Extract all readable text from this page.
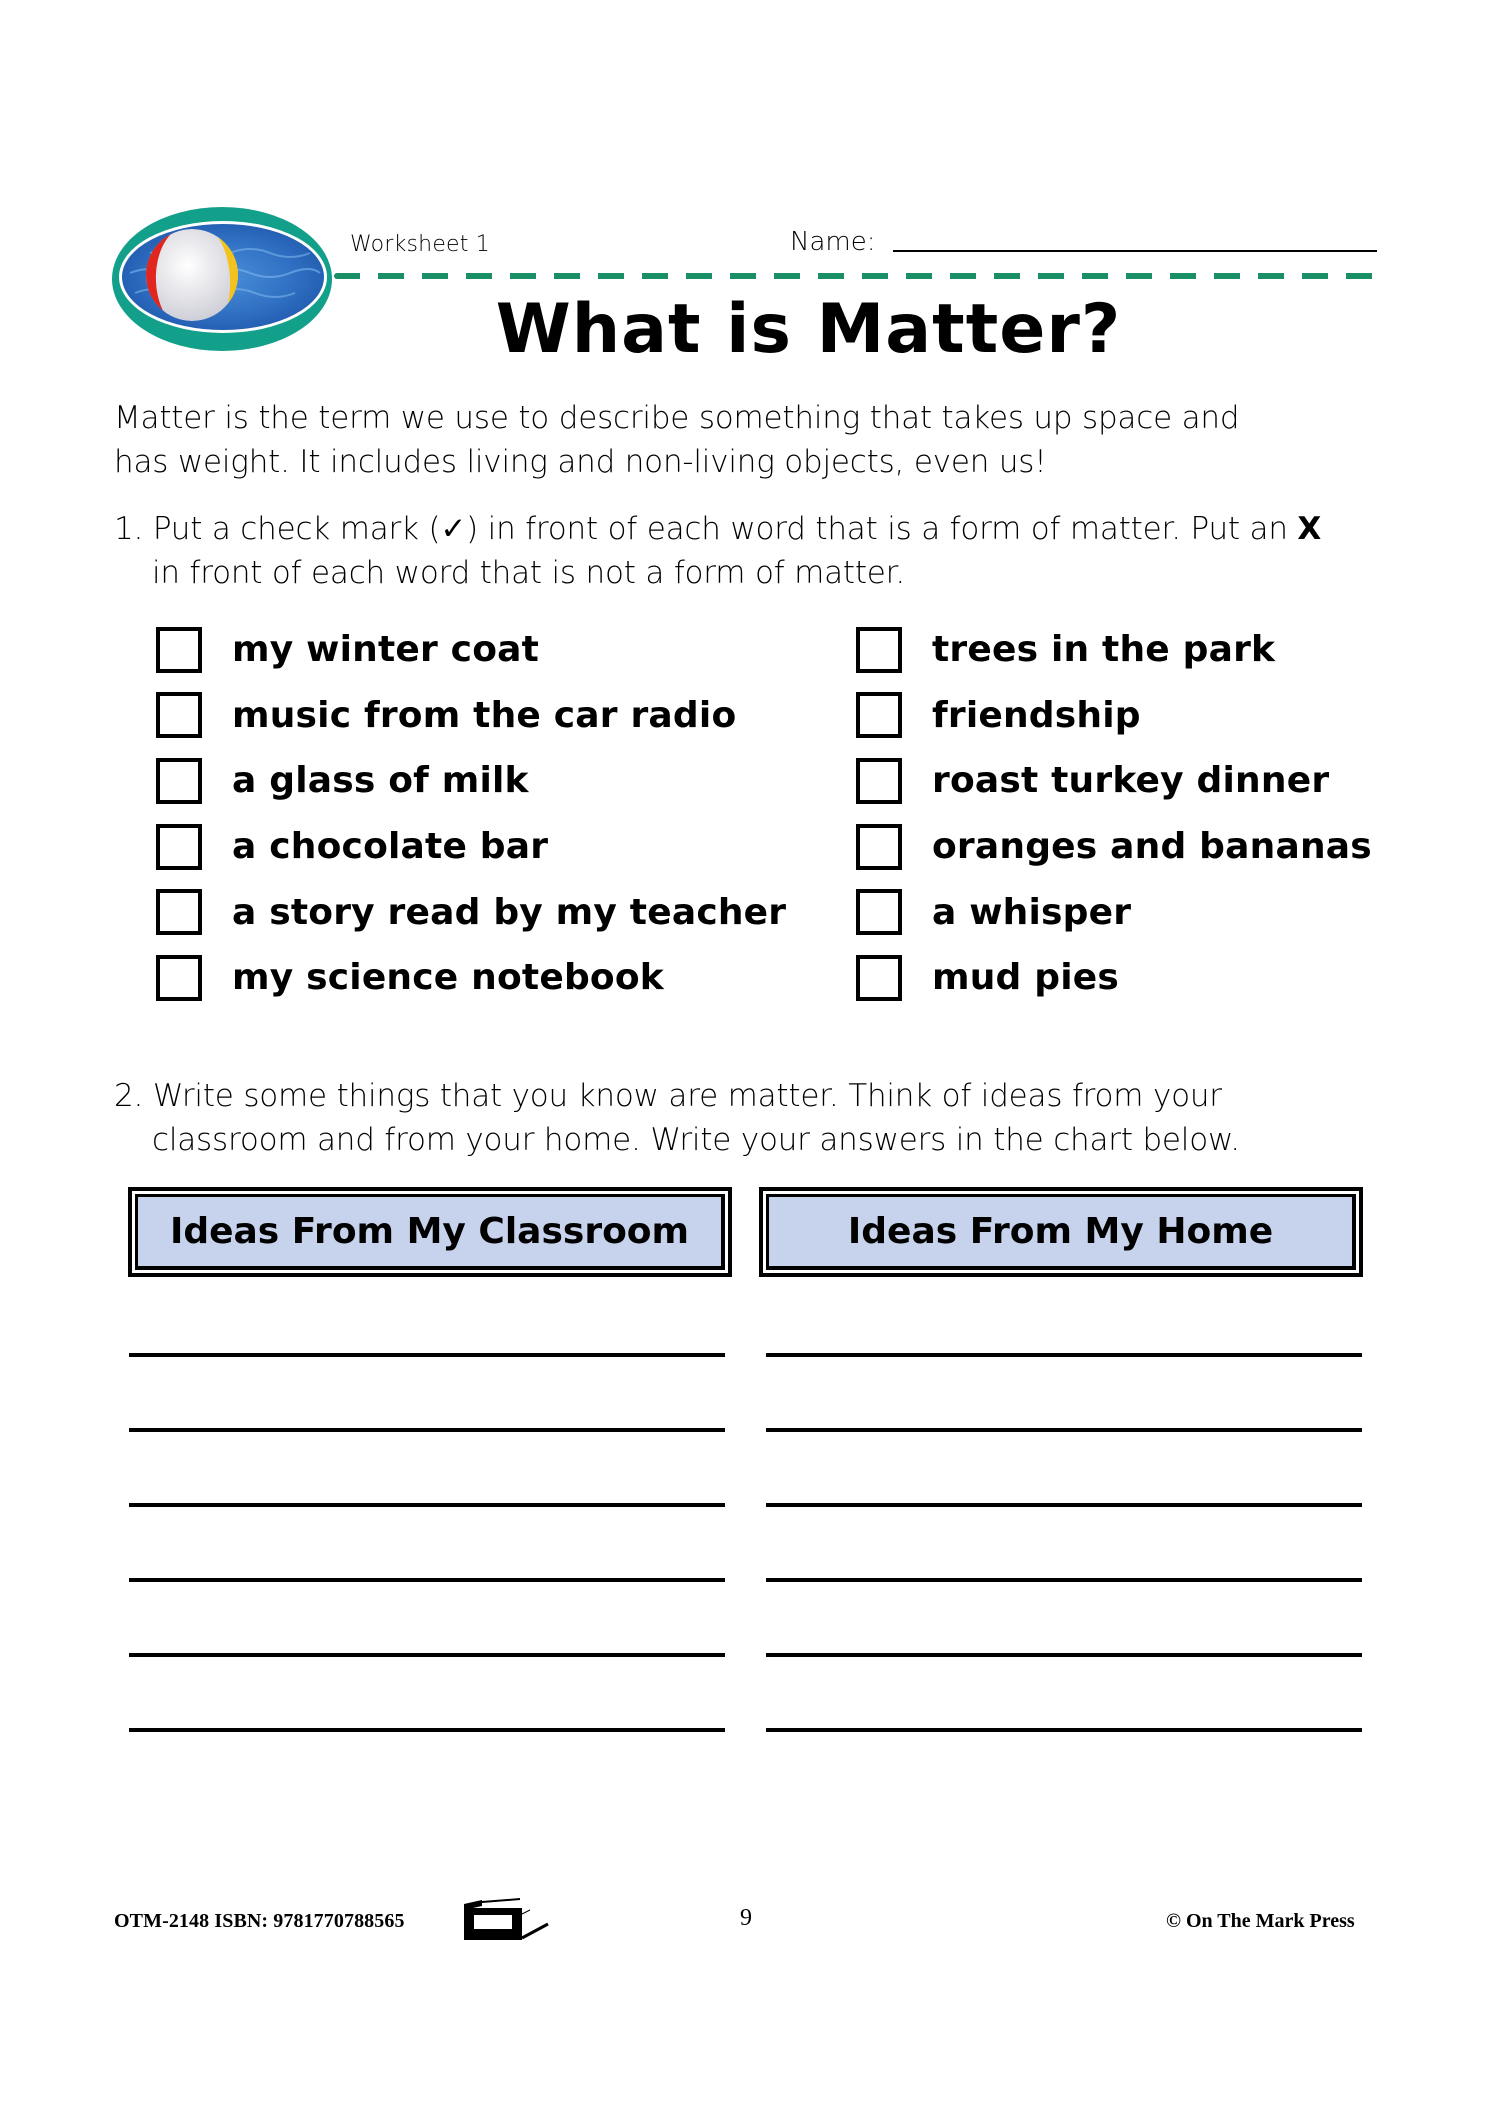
Worksheet 1	Name:
What is Matter?
Matter is the term we use to describe something that takes up space and
has weight. It includes living and non-living objects, even us!
1. Put a check mark (✓) in front of each word that is a form of matter. Put an X
in front of each word that is not a form of matter.
my winter coat
music from the car radio
a glass of milk
a chocolate bar
a story read by my teacher
my science notebook
trees in the park
friendship
roast turkey dinner
oranges and bananas
a whisper
mud pies
2. Write some things that you know are matter. Think of ideas from your
classroom and from your home. Write your answers in the chart below.
Ideas From My Classroom	Ideas From My Home
OTM-2148 ISBN: 9781770788565	9	© On The Mark Press
